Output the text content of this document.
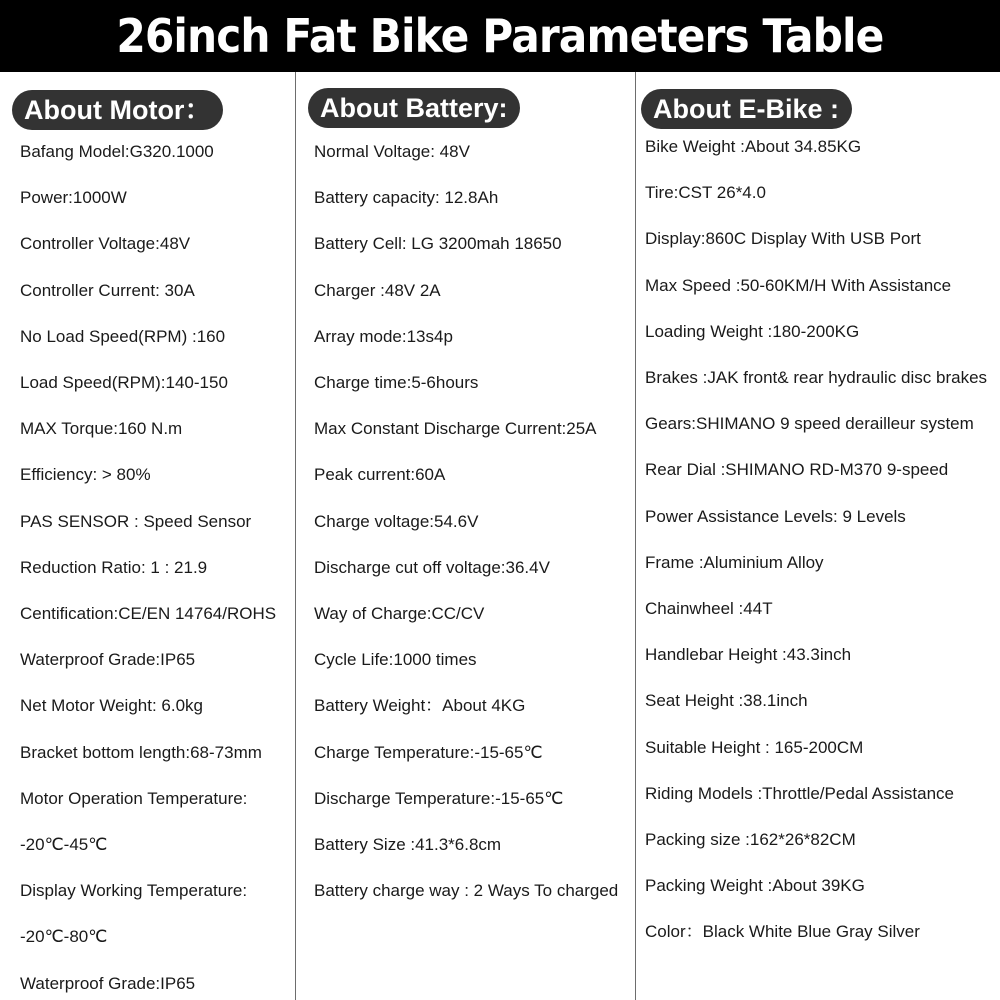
26inch Fat Bike Parameters Table
About Motor：	About Battery:	About E-Bike :
Bafang Model:G320.1000
Power:1000W
Controller Voltage:48V
Controller Current: 30A
No Load Speed(RPM) :160
Load Speed(RPM):140-150
MAX Torque:160 N.m
Efficiency: > 80%
PAS SENSOR : Speed Sensor
Reduction Ratio: 1 : 21.9
Centification:CE/EN 14764/ROHS
Waterproof Grade:IP65
Net Motor Weight: 6.0kg
Bracket bottom length:68-73mm
Motor Operation Temperature:
-20℃-45℃
Display Working Temperature:
-20℃-80℃
Waterproof Grade:IP65
Normal Voltage: 48V
Battery capacity: 12.8Ah
Battery Cell: LG 3200mah 18650
Charger :48V 2A
Array mode:13s4p
Charge time:5-6hours
Max Constant Discharge Current:25A
Peak current:60A
Charge voltage:54.6V
Discharge cut off voltage:36.4V
Way of Charge:CC/CV
Cycle Life:1000 times
Battery Weight：About 4KG
Charge Temperature:-15-65℃
Discharge Temperature:-15-65℃
Battery Size :41.3*6.8cm
Battery charge way : 2 Ways To charged
Bike Weight :About 34.85KG
Tire:CST 26*4.0
Display:860C Display With USB Port
Max Speed :50-60KM/H With Assistance
Loading Weight :180-200KG
Brakes :JAK front& rear hydraulic disc brakes
Gears:SHIMANO 9 speed derailleur system
Rear Dial :SHIMANO RD-M370 9-speed
Power Assistance Levels: 9 Levels
Frame :Aluminium Alloy
Chainwheel :44T
Handlebar Height :43.3inch
Seat Height :38.1inch
Suitable Height : 165-200CM
Riding Models :Throttle/Pedal Assistance
Packing size :162*26*82CM
Packing Weight :About 39KG
Color：Black White Blue Gray Silver
